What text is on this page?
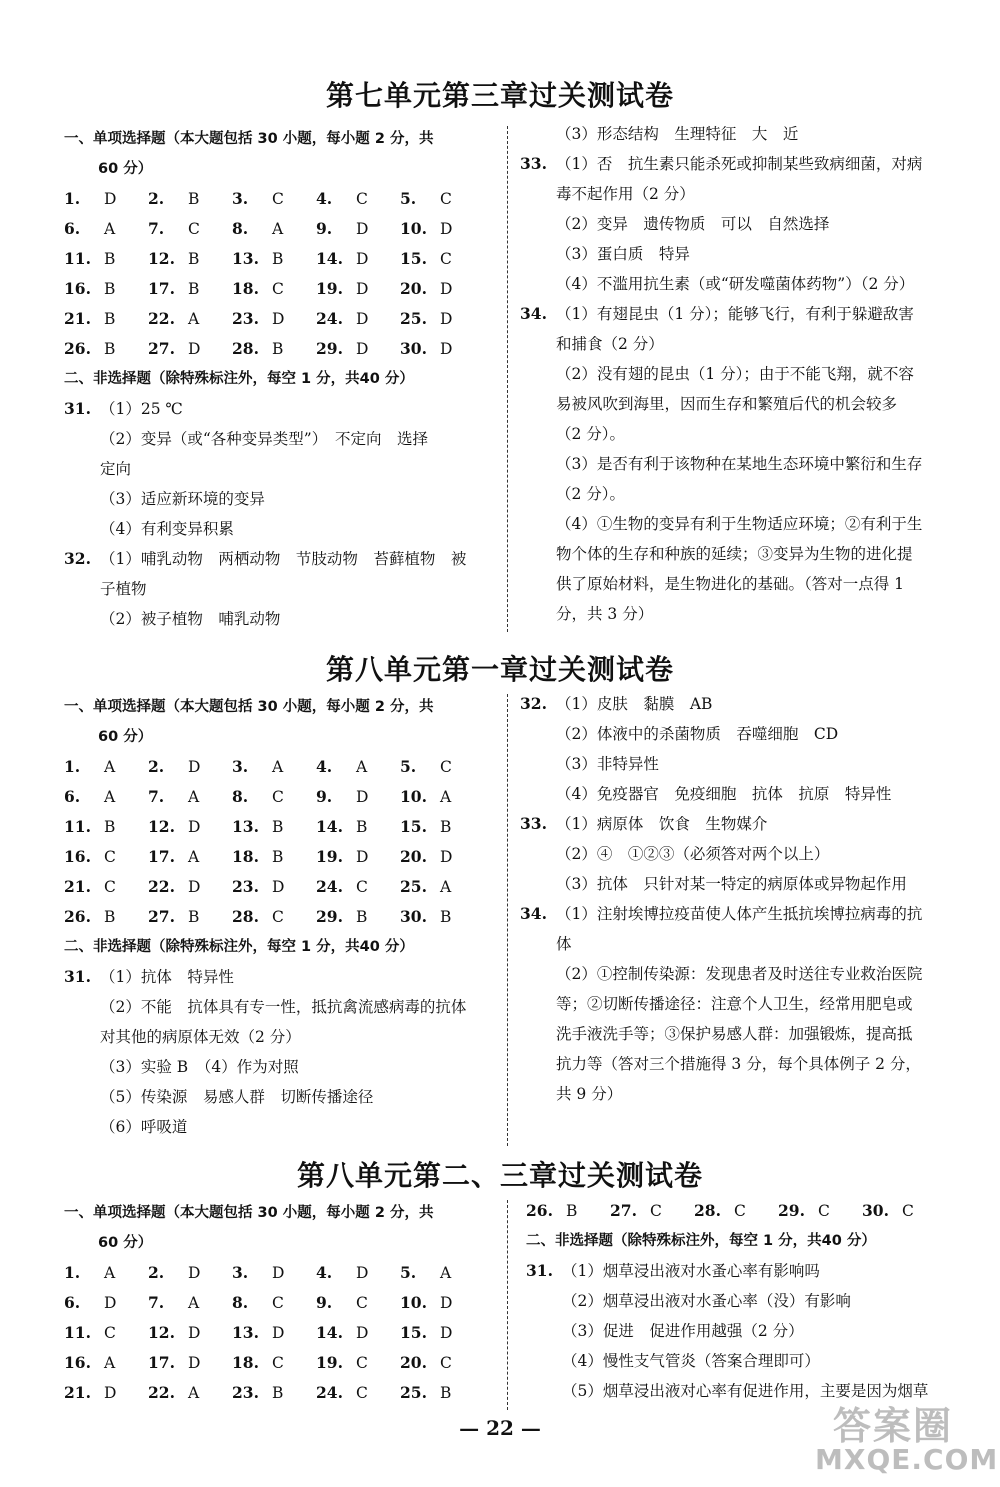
第七单元第三章过关测试卷
一、单项选择题（本大题包括 30 小题，每小题 2 分，共
60 分）
1. D	2. B	3. C	4. C	5. C
6. A	7. C	8. A	9. D	10. D
11. B	12. B	13. B	14. D	15. C
16. B	17. B	18. C	19. D	20. D
21. B	22. A	23. D	24. D	25. D
26. B	27. D	28. B	29. D	30. D
二、非选择题（除特殊标注外，每空 1 分，共40 分）
31. （1）25 ℃
（2）变异（或“各种变异类型”）　不定向　选择
定向
（3）适应新环境的变异
（4）有利变异积累
32. （1）哺乳动物　两栖动物　节肢动物　苔藓植物　被
子植物
（2）被子植物　哺乳动物
（3）形态结构　生理特征　大　近
33. （1）否　抗生素只能杀死或抑制某些致病细菌，对病
毒不起作用（2 分）
（2）变异　遗传物质　可以　自然选择
（3）蛋白质　特异
（4）不滥用抗生素（或“研发噬菌体药物”）（2 分）
34. （1）有翅昆虫（1 分）；能够飞行，有利于躲避敌害
和捕食（2 分）
（2）没有翅的昆虫（1 分）；由于不能飞翔，就不容
易被风吹到海里，因而生存和繁殖后代的机会较多
（2 分）。
（3）是否有利于该物种在某地生态环境中繁衍和生存
（2 分）。
（4）①生物的变异有利于生物适应环境；②有利于生
物个体的生存和种族的延续；③变异为生物的进化提
供了原始材料，是生物进化的基础。（答对一点得 1
分，共 3 分）
第八单元第一章过关测试卷
一、单项选择题（本大题包括 30 小题，每小题 2 分，共
60 分）
1. A	2. D	3. A	4. A	5. C
6. A	7. A	8. C	9. D	10. A
11. B	12. D	13. B	14. B	15. B
16. C	17. A	18. B	19. D	20. D
21. C	22. D	23. D	24. C	25. A
26. B	27. B	28. C	29. B	30. B
二、非选择题（除特殊标注外，每空 1 分，共40 分）
31. （1）抗体　特异性
（2）不能　抗体具有专一性，抵抗禽流感病毒的抗体
对其他的病原体无效（2 分）
（3）实验 B　（4）作为对照
（5）传染源　易感人群　切断传播途径
（6）呼吸道
32. （1）皮肤　黏膜　AB
（2）体液中的杀菌物质　吞噬细胞　CD
（3）非特异性
（4）免疫器官　免疫细胞　抗体　抗原　特异性
33. （1）病原体　饮食　生物媒介
（2）④　①②③（必须答对两个以上）
（3）抗体　只针对某一特定的病原体或异物起作用
34. （1）注射埃博拉疫苗使人体产生抵抗埃博拉病毒的抗
体
（2）①控制传染源：发现患者及时送往专业救治医院
等；②切断传播途径：注意个人卫生，经常用肥皂或
洗手液洗手等；③保护易感人群：加强锻炼，提高抵
抗力等（答对三个措施得 3 分，每个具体例子 2 分，
共 9 分）
第八单元第二、三章过关测试卷
一、单项选择题（本大题包括 30 小题，每小题 2 分，共
60 分）
1. A	2. D	3. D	4. D	5. A
6. D	7. A	8. C	9. C	10. D
11. C	12. D	13. D	14. D	15. D
16. A	17. D	18. C	19. C	20. C
21. D	22. A	23. B	24. C	25. B
26. B	27. C	28. C	29. C	30. C
二、非选择题（除特殊标注外，每空 1 分，共40 分）
31. （1）烟草浸出液对水蚤心率有影响吗
（2）烟草浸出液对水蚤心率（没）有影响
（3）促进　促进作用越强（2 分）
（4）慢性支气管炎（答案合理即可）
（5）烟草浸出液对心率有促进作用，主要是因为烟草
— 22 —	答案圈
MXQE.COM
